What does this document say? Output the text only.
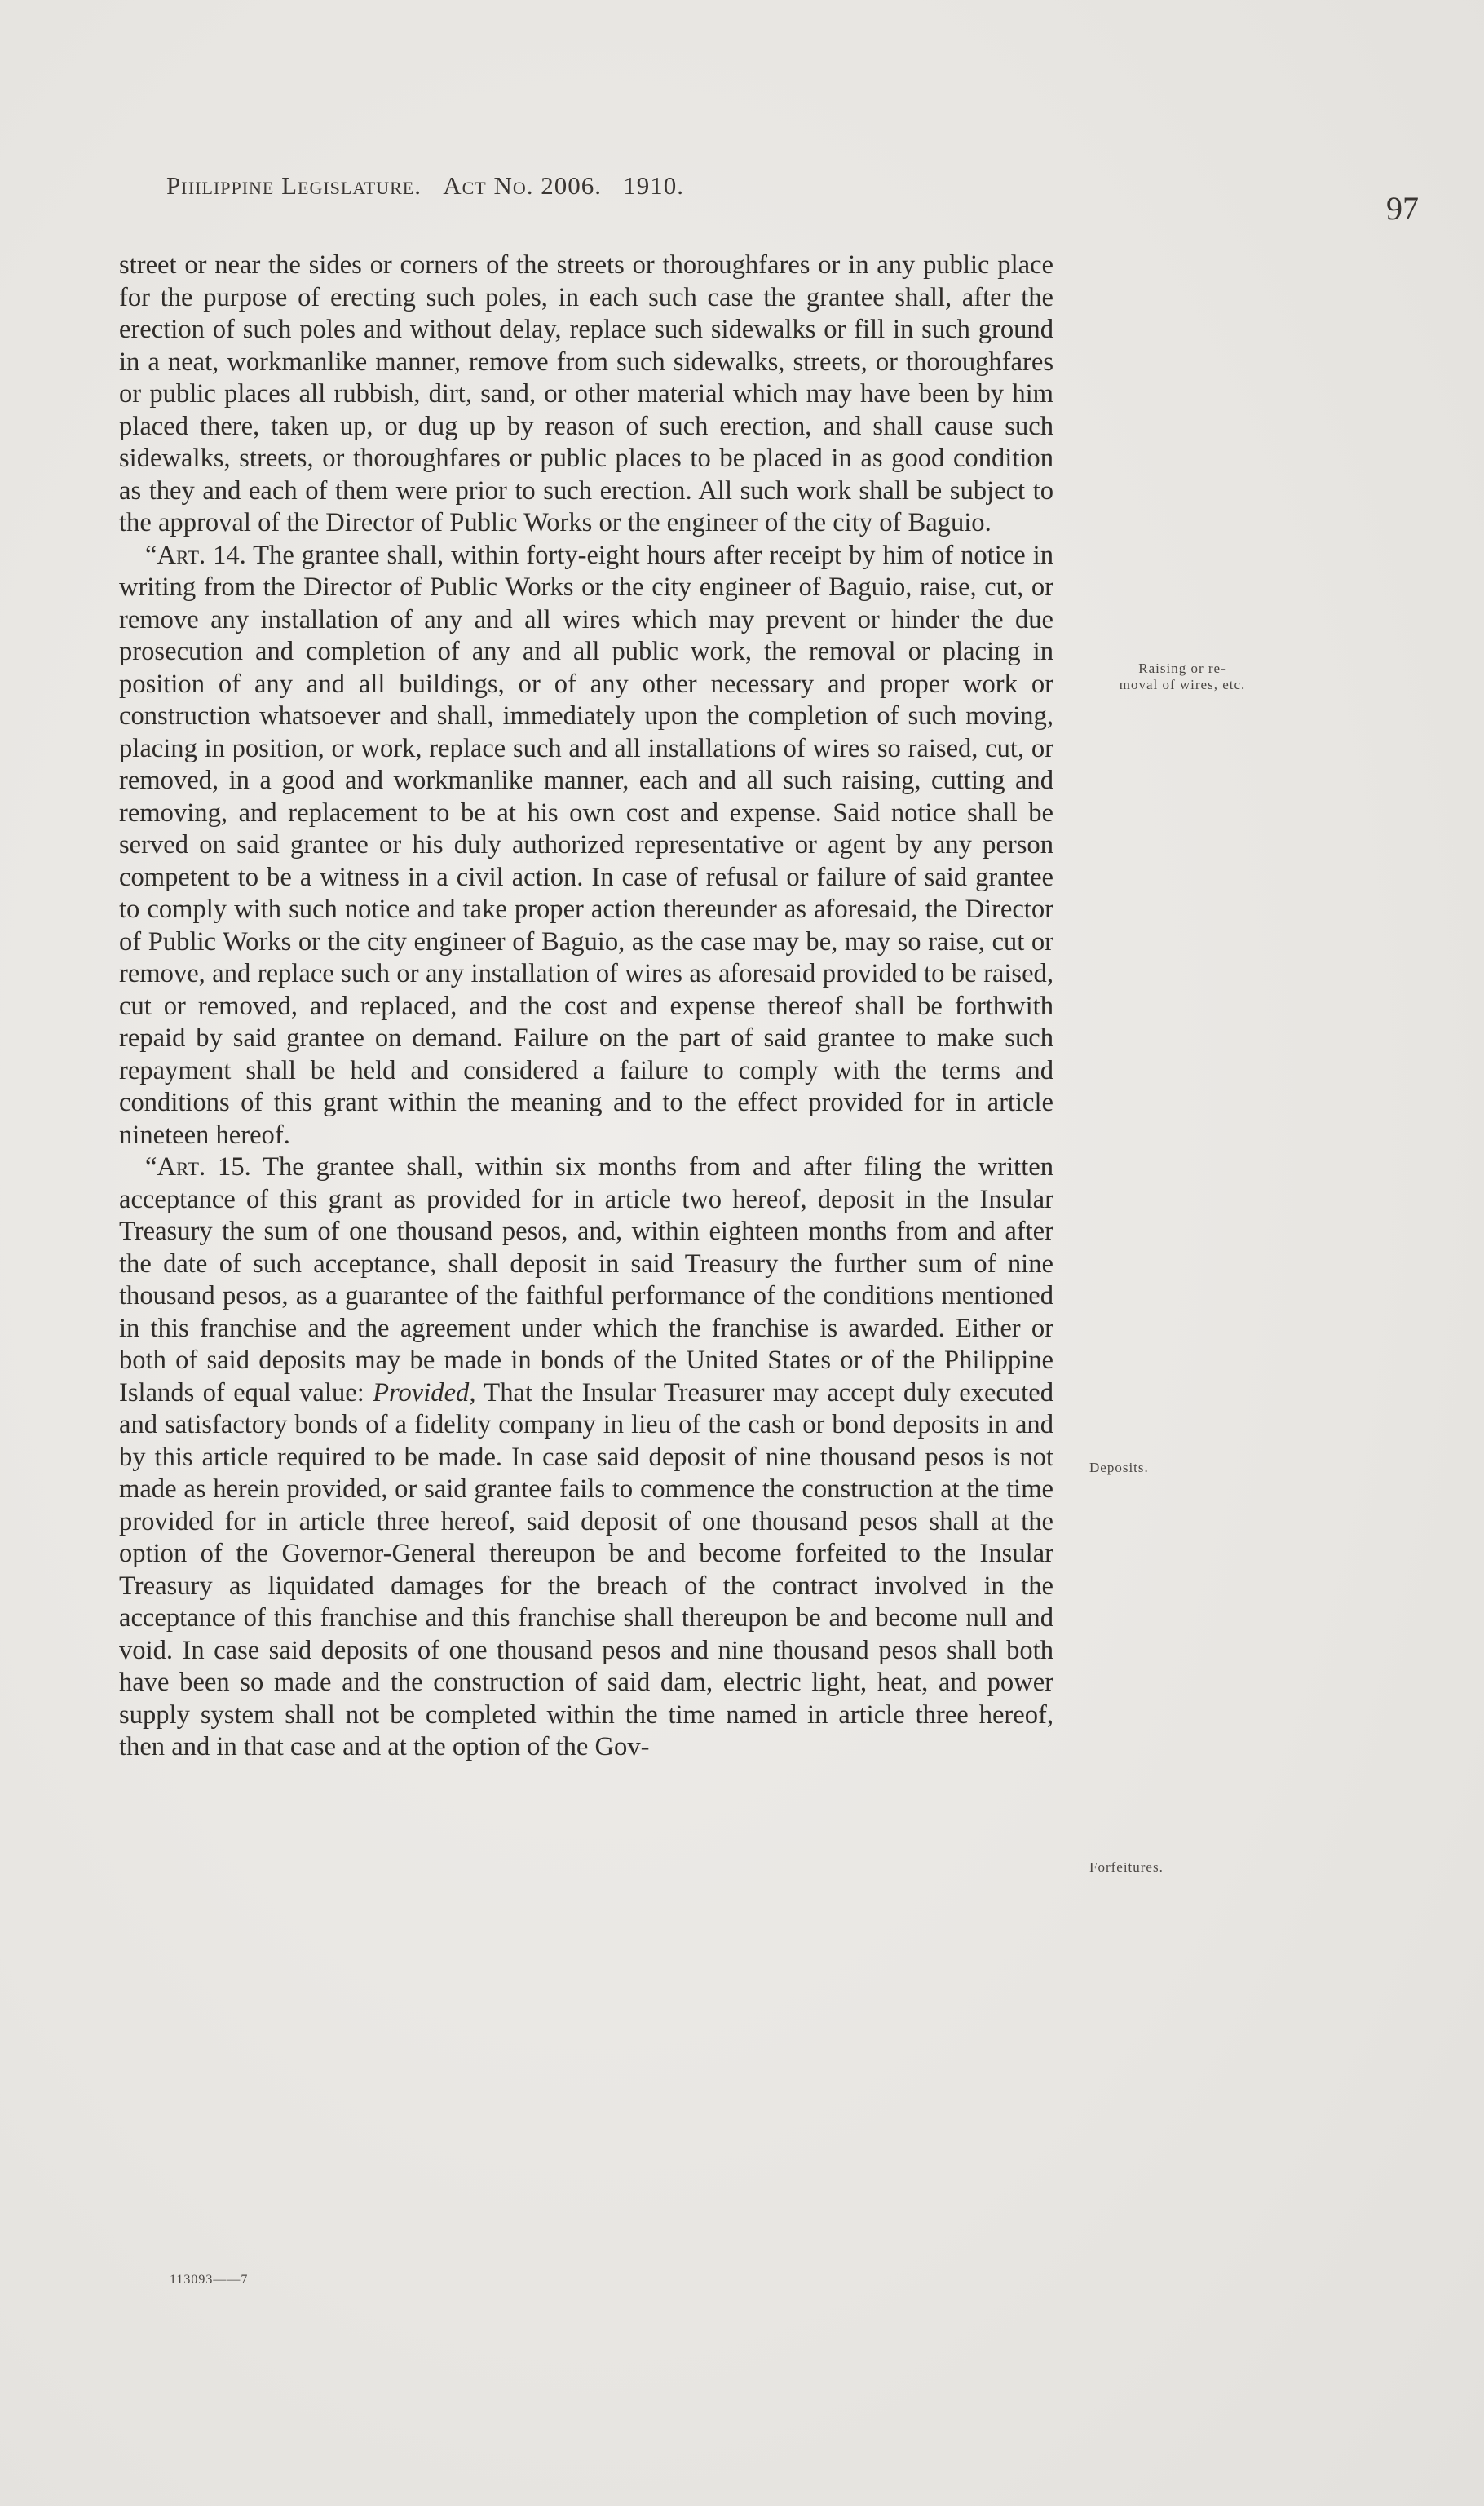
Philippine Legislature. Act No. 2006. 1910.
97

street or near the sides or corners of the streets or thoroughfares or in any public place for the purpose of erecting such poles, in each such case the grantee shall, after the erection of such poles and without delay, replace such sidewalks or fill in such ground in a neat, workmanlike manner, remove from such sidewalks, streets, or thoroughfares or public places all rubbish, dirt, sand, or other material which may have been by him placed there, taken up, or dug up by reason of such erection, and shall cause such sidewalks, streets, or thoroughfares or public places to be placed in as good condition as they and each of them were prior to such erection. All such work shall be subject to the approval of the Director of Public Works or the engineer of the city of Baguio.

“Art. 14. The grantee shall, within forty-eight hours after receipt by him of notice in writing from the Director of Public Works or the city engineer of Baguio, raise, cut, or remove any installation of any and all wires which may prevent or hinder the due prosecution and completion of any and all public work, the removal or placing in position of any and all buildings, or of any other necessary and proper work or construction whatsoever and shall, immediately upon the completion of such moving, placing in position, or work, replace such and all installations of wires so raised, cut, or removed, in a good and workmanlike manner, each and all such raising, cutting and removing, and replacement to be at his own cost and expense. Said notice shall be served on said grantee or his duly authorized representative or agent by any person competent to be a witness in a civil action. In case of refusal or failure of said grantee to comply with such notice and take proper action thereunder as aforesaid, the Director of Public Works or the city engineer of Baguio, as the case may be, may so raise, cut or remove, and replace such or any installation of wires as aforesaid provided to be raised, cut or removed, and replaced, and the cost and expense thereof shall be forthwith repaid by said grantee on demand. Failure on the part of said grantee to make such repayment shall be held and considered a failure to comply with the terms and conditions of this grant within the meaning and to the effect provided for in article nineteen hereof.

“Art. 15. The grantee shall, within six months from and after filing the written acceptance of this grant as provided for in article two hereof, deposit in the Insular Treasury the sum of one thousand pesos, and, within eighteen months from and after the date of such acceptance, shall deposit in said Treasury the further sum of nine thousand pesos, as a guarantee of the faithful performance of the conditions mentioned in this franchise and the agreement under which the franchise is awarded. Either or both of said deposits may be made in bonds of the United States or of the Philippine Islands of equal value: Provided, That the Insular Treasurer may accept duly executed and satisfactory bonds of a fidelity company in lieu of the cash or bond deposits in and by this article required to be made. In case said deposit of nine thousand pesos is not made as herein provided, or said grantee fails to commence the construction at the time provided for in article three hereof, said deposit of one thousand pesos shall at the option of the Governor-General thereupon be and become forfeited to the Insular Treasury as liquidated damages for the breach of the contract involved in the acceptance of this franchise and this franchise shall thereupon be and become null and void. In case said deposits of one thousand pesos and nine thousand pesos shall both have been so made and the construction of said dam, electric light, heat, and power supply system shall not be completed within the time named in article three hereof, then and in that case and at the option of the Gov-

Raising or re-
moval of wires, etc.
Deposits.
Forfeitures.
113093——7
